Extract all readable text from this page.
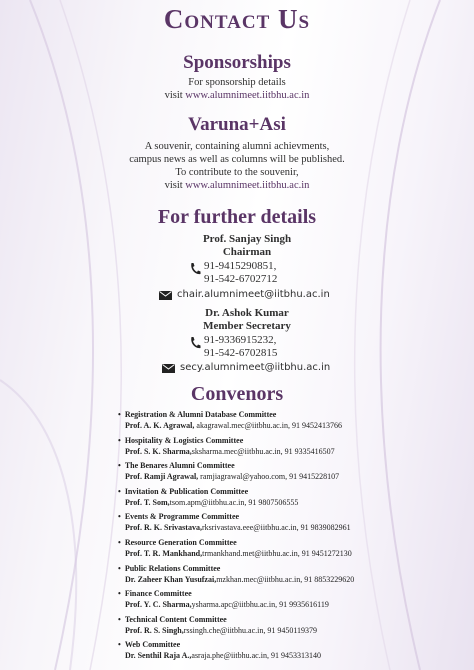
Contact Us
Sponsorships
For sponsorship details
visit www.alumnimeet.iitbhu.ac.in
Varuna+Asi
A souvenir, containing alumni achievments,
campus news as well as columns will be published.
To contribute to the souvenir,
visit www.alumnimeet.iitbhu.ac.in
For further details
Prof. Sanjay Singh
Chairman
91-9415290851,
91-542-6702712
chair.alumnimeet@iitbhu.ac.in
Dr. Ashok Kumar
Member Secretary
91-9336915232,
91-542-6702815
secy.alumnimeet@iitbhu.ac.in
Convenors
• Registration & Alumni Database Committee
Prof. A. K. Agrawal, akagrawal.mec@iitbhu.ac.in, 91 9452413766
• Hospitality & Logistics Committee
Prof. S. K. Sharma,sksharma.mec@iitbhu.ac.in, 91 9335416507
• The Benares Alumni Committee
Prof. Ramji Agrawal, ramjiagrawal@yahoo.com, 91 9415228107
• Invitation & Publication Committee
Prof. T. Som,tsom.apm@iitbhu.ac.in, 91 9807506555
• Events & Programme Committee
Prof. R. K. Srivastava,rksrivastava.eee@iitbhu.ac.in, 91 9839082961
• Resource Generation Committee
Prof. T. R. Mankhand,trmankhand.met@iitbhu.ac.in, 91 9451272130
• Public Relations Committee
Dr. Zaheer Khan Yusufzai,mzkhan.mec@iitbhu.ac.in, 91 8853229620
• Finance Committee
Prof. Y. C. Sharma,ysharma.apc@iitbhu.ac.in, 91 9935616119
• Technical Content Committee
Prof. R. S. Singh,rssingh.che@iitbhu.ac.in, 91 9450119379
• Web Committee
Dr. Senthil Raja A.,asraja.phe@iitbhu.ac.in, 91 9453313140
